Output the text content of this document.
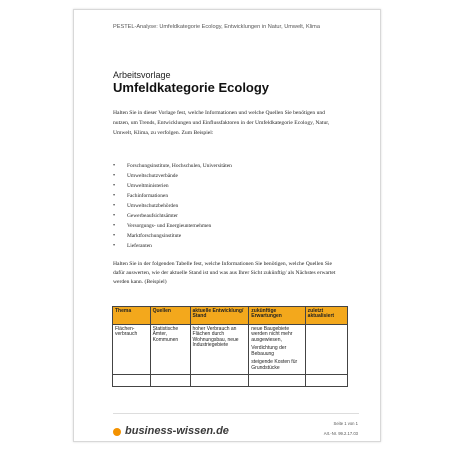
PESTEL-Analyse: Umfeldkategorie Ecology, Entwicklungen in Natur, Umwelt, Klima
Arbeitsvorlage
Umfeldkategorie Ecology
Halten Sie in dieser Vorlage fest, welche Informationen und welche Quellen Sie benötigen und nutzen, um Trends, Entwicklungen und Einflussfaktoren in der Umfeldkategorie Ecology, Natur, Umwelt, Klima, zu verfolgen. Zum Beispiel:
• Forschungsinstitute, Hochschulen, Universitäten
• Umweltschutzverbände
• Umweltministerien
• Fachinformationen
• Umweltschutzbehörden
• Gewerbeaufsichtsämter
• Versorgungs- und Energieunternehmen
• Marktforschungsinstitute
• Lieferanten
Halten Sie in der folgenden Tabelle fest, welche Informationen Sie benötigen, welche Quellen Sie dafür auswerten, wie der aktuelle Stand ist und was aus Ihrer Sicht zukünftig/ als Nächstes erwartet werden kann. (Beispiel)
Thema	Quellen	aktuelle Entwicklung/ Stand	zukünftige Erwartungen	zuletzt aktualisiert
Flächen-verbrauch	Statistische Ämter, Kommunen	hoher Verbrauch an Flächen durch Wohnungsbau, neue Industriegebiete	neue Baugebiete werden nicht mehr ausgewiesen,
Verdichtung der Bebauung
steigende Kosten für Grundstücke	

business-wissen.de
Seite 1 von 1
Art.-Nr. 99.2.17.03
